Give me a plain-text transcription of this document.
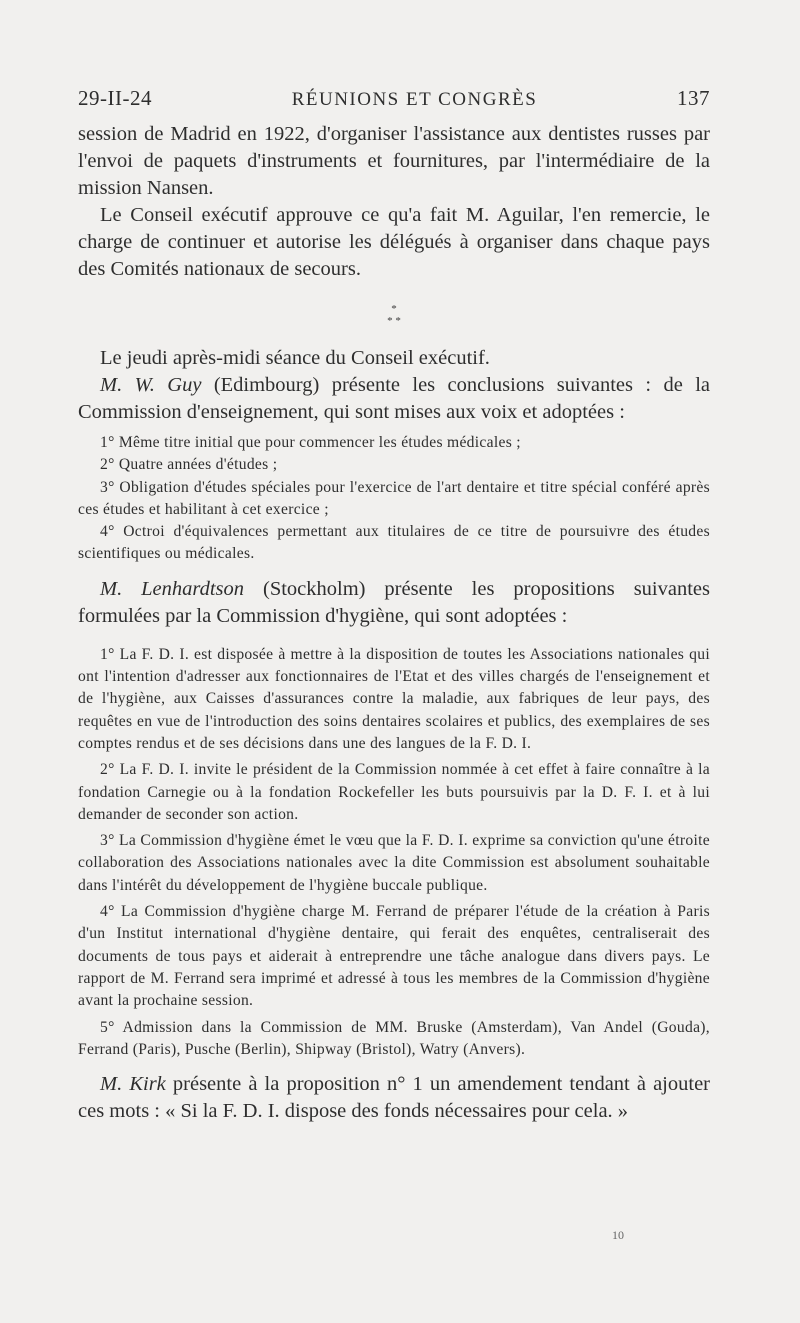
29-II-24	RÉUNIONS ET CONGRÈS	137

session de Madrid en 1922, d'organiser l'assistance aux dentistes russes par l'envoi de paquets d'instruments et fournitures, par l'intermédiaire de la mission Nansen.

Le Conseil exécutif approuve ce qu'a fait M. Aguilar, l'en remercie, le charge de continuer et autorise les délégués à organiser dans chaque pays des Comités nationaux de secours.

*
* *

Le jeudi après-midi séance du Conseil exécutif.

M. W. Guy (Edimbourg) présente les conclusions suivantes : de la Commission d'enseignement, qui sont mises aux voix et adoptées :

1° Même titre initial que pour commencer les études médicales ;

2° Quatre années d'études ;

3° Obligation d'études spéciales pour l'exercice de l'art dentaire et titre spécial conféré après ces études et habilitant à cet exercice ;

4° Octroi d'équivalences permettant aux titulaires de ce titre de poursuivre des études scientifiques ou médicales.

M. Lenhardtson (Stockholm) présente les propositions suivantes formulées par la Commission d'hygiène, qui sont adoptées :

1° La F. D. I. est disposée à mettre à la disposition de toutes les Associations nationales qui ont l'intention d'adresser aux fonctionnaires de l'Etat et des villes chargés de l'enseignement et de l'hygiène, aux Caisses d'assurances contre la maladie, aux fabriques de leur pays, des requêtes en vue de l'introduction des soins dentaires scolaires et publics, des exemplaires de ses comptes rendus et de ses décisions dans une des langues de la F. D. I.

2° La F. D. I. invite le président de la Commission nommée à cet effet à faire connaître à la fondation Carnegie ou à la fondation Rockefeller les buts poursuivis par la D. F. I. et à lui demander de seconder son action.

3° La Commission d'hygiène émet le vœu que la F. D. I. exprime sa conviction qu'une étroite collaboration des Associations nationales avec la dite Commission est absolument souhaitable dans l'intérêt du développement de l'hygiène buccale publique.

4° La Commission d'hygiène charge M. Ferrand de préparer l'étude de la création à Paris d'un Institut international d'hygiène dentaire, qui ferait des enquêtes, centraliserait des documents de tous pays et aiderait à entreprendre une tâche analogue dans divers pays. Le rapport de M. Ferrand sera imprimé et adressé à tous les membres de la Commission d'hygiène avant la prochaine session.

5° Admission dans la Commission de MM. Bruske (Amsterdam), Van Andel (Gouda), Ferrand (Paris), Pusche (Berlin), Shipway (Bristol), Watry (Anvers).

M. Kirk présente à la proposition n° 1 un amendement tendant à ajouter ces mots : « Si la F. D. I. dispose des fonds nécessaires pour cela. »

10
